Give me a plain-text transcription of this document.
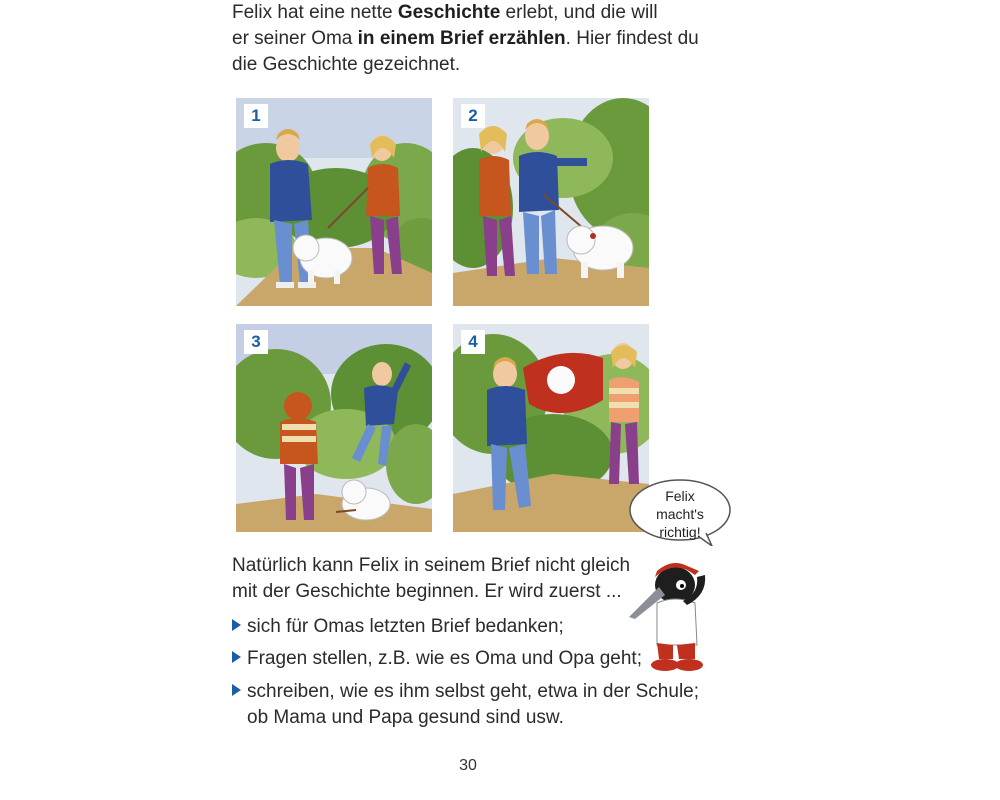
Felix hat eine nette Geschichte erlebt, und die will
er seiner Oma in einem Brief erzählen. Hier findest du
die Geschichte gezeichnet.
1	2
3	4
Natürlich kann Felix in seinem Brief nicht gleich
mit der Geschichte beginnen. Er wird zuerst ...
sich für Omas letzten Brief bedanken;
Fragen stellen, z.B. wie es Oma und Opa geht;
schreiben, wie es ihm selbst geht, etwa in der Schule;
ob Mama und Papa gesund sind usw.
Felix
macht's
richtig!
30
